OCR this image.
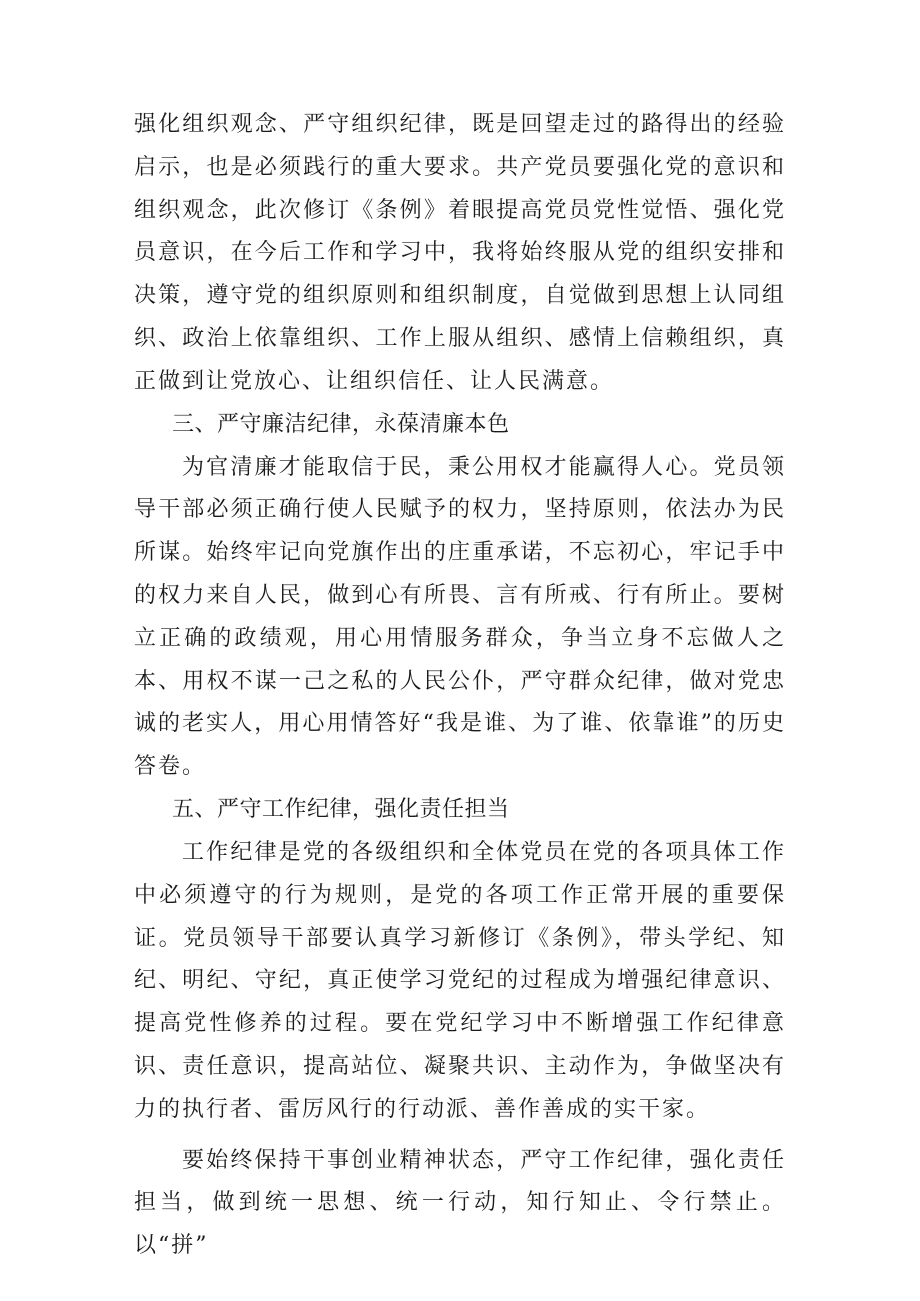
强化组织观念、严守组织纪律，既是回望走过的路得出的经验启示，也是必须践行的重大要求。共产党员要强化党的意识和组织观念，此次修订《条例》着眼提高党员党性觉悟、强化党员意识，在今后工作和学习中，我将始终服从党的组织安排和决策，遵守党的组织原则和组织制度，自觉做到思想上认同组织、政治上依靠组织、工作上服从组织、感情上信赖组织，真正做到让党放心、让组织信任、让人民满意。

三、严守廉洁纪律，永葆清廉本色

为官清廉才能取信于民，秉公用权才能赢得人心。党员领导干部必须正确行使人民赋予的权力，坚持原则，依法办为民所谋。始终牢记向党旗作出的庄重承诺，不忘初心，牢记手中的权力来自人民，做到心有所畏、言有所戒、行有所止。要树立正确的政绩观，用心用情服务群众，争当立身不忘做人之本、用权不谋一己之私的人民公仆，严守群众纪律，做对党忠诚的老实人，用心用情答好“我是谁、为了谁、依靠谁”的历史答卷。

五、严守工作纪律，强化责任担当

工作纪律是党的各级组织和全体党员在党的各项具体工作中必须遵守的行为规则，是党的各项工作正常开展的重要保证。党员领导干部要认真学习新修订《条例》，带头学纪、知纪、明纪、守纪，真正使学习党纪的过程成为增强纪律意识、提高党性修养的过程。要在党纪学习中不断增强工作纪律意识、责任意识，提高站位、凝聚共识、主动作为，争做坚决有力的执行者、雷厉风行的行动派、善作善成的实干家。

要始终保持干事创业精神状态，严守工作纪律，强化责任担当，做到统一思想、统一行动，知行知止、令行禁止。以“拼”
